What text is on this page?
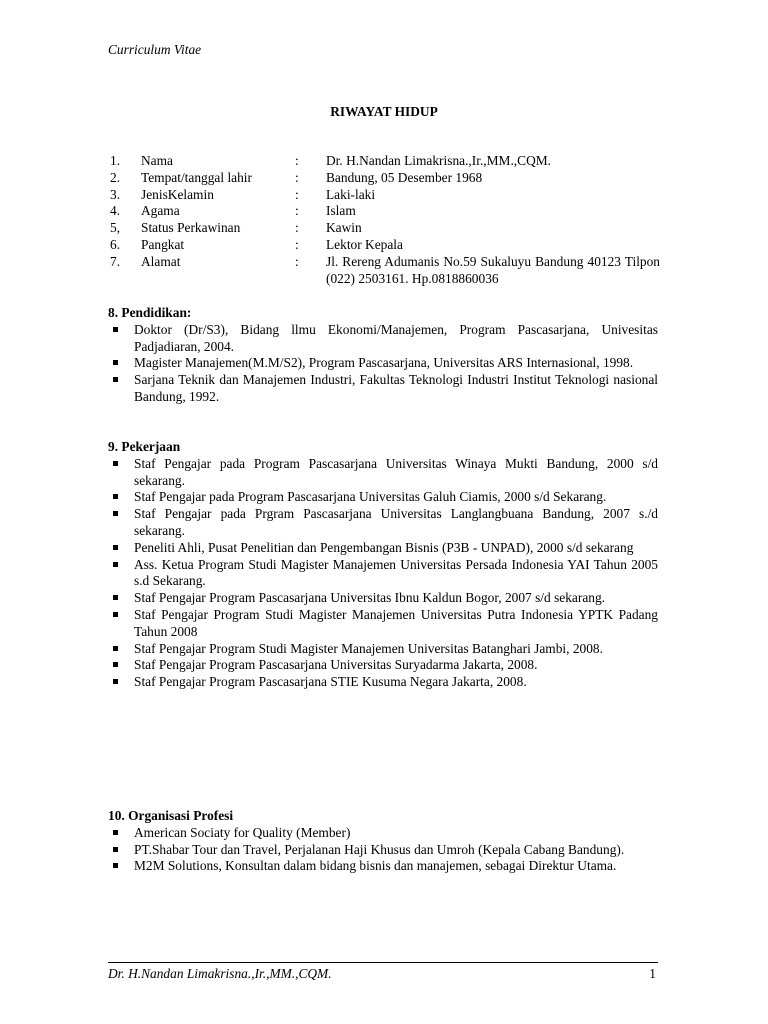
Curriculum Vitae
RIWAYAT HIDUP
1. Nama	: Dr. H.Nandan Limakrisna.,Ir.,MM.,CQM.
2. Tempat/tanggal lahir	: Bandung, 05 Desember 1968
3. JenisKelamin	: Laki-laki
4. Agama	: Islam
5, Status Perkawinan	: Kawin
6. Pangkat	: Lektor Kepala
7. Alamat	: Jl. Rereng Adumanis No.59 Sukaluyu Bandung 40123 Tilpon (022) 2503161. Hp.0818860036
8. Pendidikan:
Doktor (Dr/S3), Bidang llmu Ekonomi/Manajemen, Program Pascasarjana, Univesitas Padjadiaran, 2004.
Magister Manajemen(M.M/S2), Program Pascasarjana, Universitas ARS Internasional, 1998.
Sarjana Teknik dan Manajemen Industri, Fakultas Teknologi Industri Institut Teknologi nasional Bandung, 1992.
9. Pekerjaan
Staf Pengajar pada Program Pascasarjana Universitas Winaya Mukti Bandung, 2000 s/d sekarang.
Staf Pengajar pada Program Pascasarjana Universitas Galuh Ciamis, 2000 s/d Sekarang.
Staf Pengajar pada Prgram Pascasarjana Universitas Langlangbuana Bandung, 2007 s./d sekarang.
Peneliti Ahli, Pusat Penelitian dan Pengembangan Bisnis (P3B - UNPAD), 2000 s/d sekarang
Ass. Ketua Program Studi Magister Manajemen Universitas Persada Indonesia YAI Tahun 2005 s.d Sekarang.
Staf Pengajar Program Pascasarjana Universitas Ibnu Kaldun Bogor, 2007 s/d sekarang.
Staf Pengajar Program Studi Magister Manajemen Universitas Putra Indonesia YPTK Padang Tahun 2008
Staf Pengajar Program Studi Magister Manajemen Universitas Batanghari Jambi, 2008.
Staf Pengajar Program Pascasarjana Universitas Suryadarma Jakarta, 2008.
Staf Pengajar Program Pascasarjana STIE Kusuma Negara Jakarta, 2008.
10. Organisasi Profesi
American Sociaty for Quality (Member)
PT.Shabar Tour dan Travel, Perjalanan Haji Khusus dan Umroh (Kepala Cabang Bandung).
M2M Solutions, Konsultan dalam bidang bisnis dan manajemen, sebagai Direktur Utama.
Dr. H.Nandan Limakrisna.,Ir.,MM.,CQM.	1
